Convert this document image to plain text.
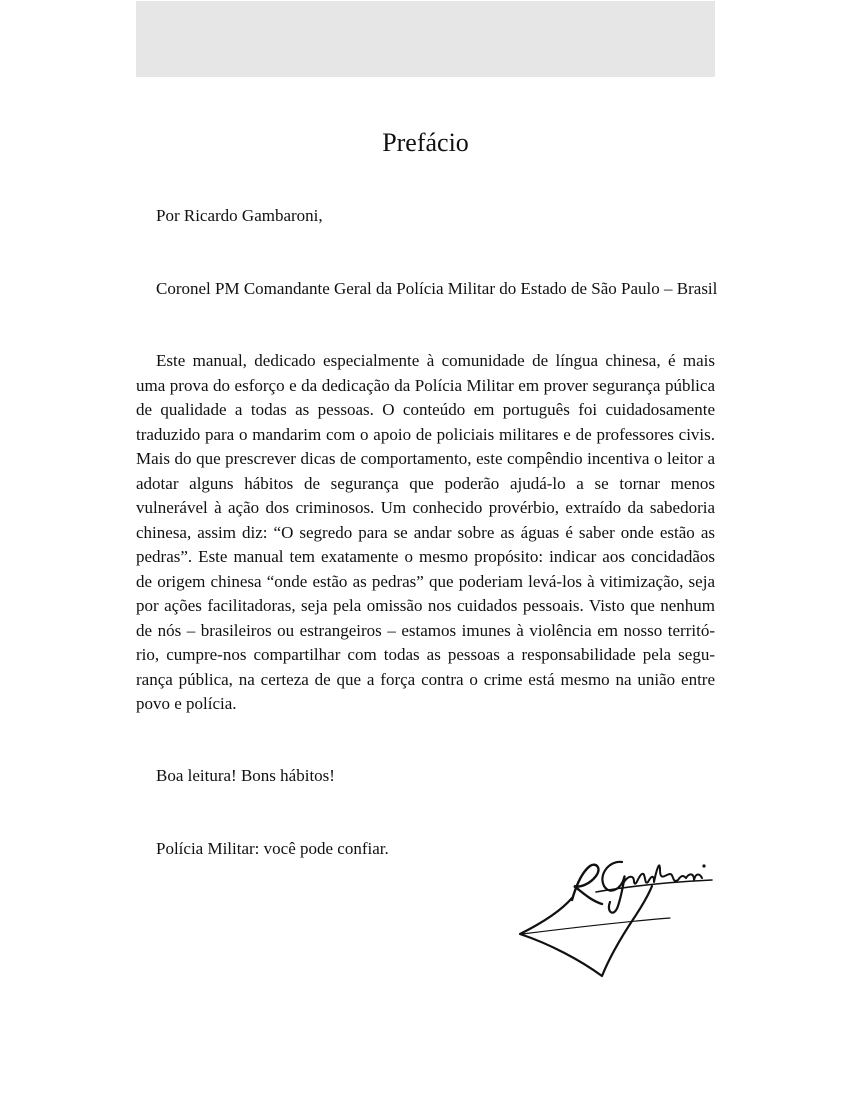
Prefácio

Por Ricardo Gambaroni,

Coronel PM Comandante Geral da Polícia Militar do Estado de São Paulo – Brasil

Este manual, dedicado especialmente à comunidade de língua chinesa, é mais uma prova do esforço e da dedicação da Polícia Militar em prover segurança pública de qualidade a todas as pessoas. O conteúdo em português foi cuidadosamente traduzido para o mandarim com o apoio de policiais militares e de professores civis. Mais do que prescrever dicas de comportamento, este compêndio incentiva o leitor a adotar alguns hábitos de segurança que poderão ajudá-lo a se tornar menos vulnerável à ação dos criminosos. Um conhecido provérbio, extraído da sabedoria chinesa, assim diz: “O segredo para se andar sobre as águas é saber onde estão as pedras”. Este manual tem exatamente o mesmo propósito: indicar aos concidadãos de origem chinesa “onde estão as pedras” que poderiam levá-los à vitimização, seja por ações facilitadoras, seja pela omissão nos cuidados pessoais. Visto que nenhum de nós – brasileiros ou estrangeiros – estamos imunes à violência em nosso território, cumpre-nos compartilhar com todas as pessoas a responsabilidade pela segurança pública, na certeza de que a força contra o crime está mesmo na união entre povo e polícia.

Boa leitura! Bons hábitos!

Polícia Militar: você pode confiar.
